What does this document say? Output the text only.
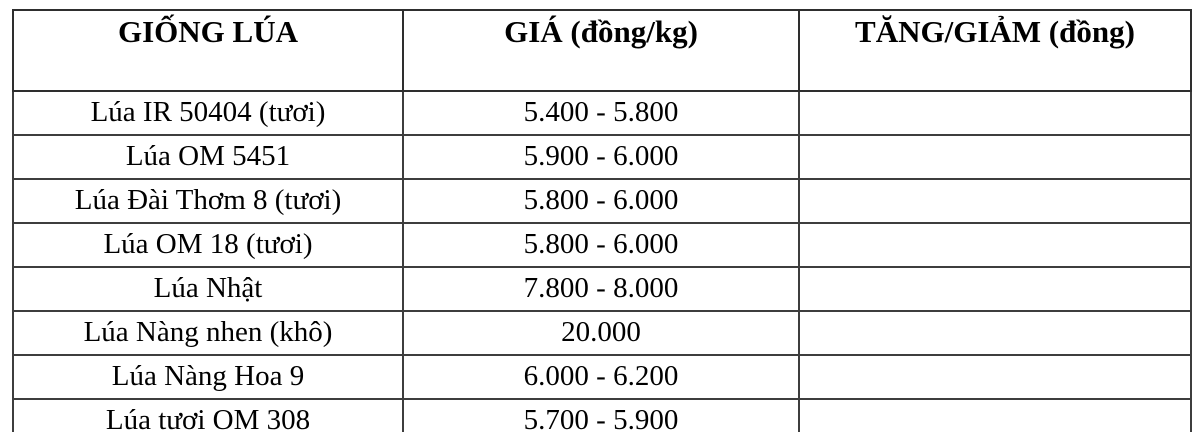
GIỐNG LÚA	GIÁ (đồng/kg)	TĂNG/GIẢM (đồng)
Lúa IR 50404 (tươi)	5.400 - 5.800	
Lúa OM 5451	5.900 - 6.000	
Lúa Đài Thơm 8 (tươi)	5.800 - 6.000	
Lúa OM 18 (tươi)	5.800 - 6.000	
Lúa Nhật	7.800 - 8.000	
Lúa Nàng nhen (khô)	20.000	
Lúa Nàng Hoa 9	6.000 - 6.200	
Lúa tươi OM 308	5.700 - 5.900	
